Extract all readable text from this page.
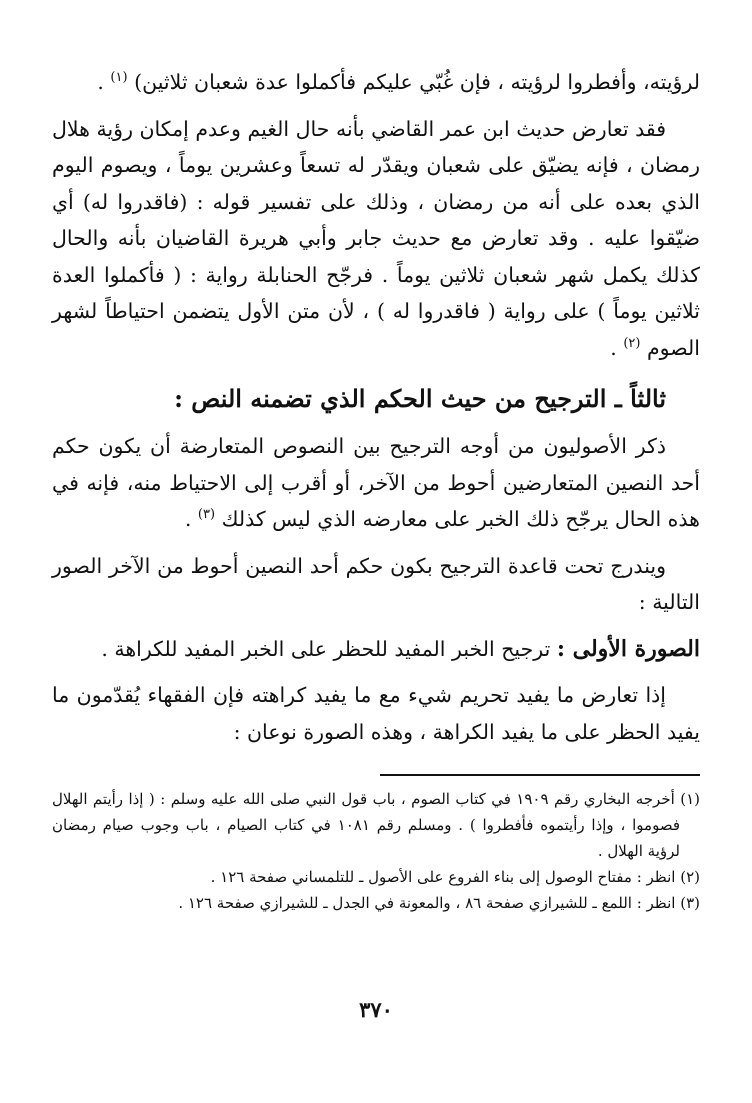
لرؤيته، وأفطروا لرؤيته ، فإن غُبّي عليكم فأكملوا عدة شعبان ثلاثين) $^{(١)}$ .

فقد تعارض حديث ابن عمر القاضي بأنه حال الغيم وعدم إمكان رؤية هلال رمضان ، فإنه يضيّق على شعبان ويقدّر له تسعاً وعشرين يوماً ، ويصوم اليوم الذي بعده على أنه من رمضان ، وذلك على تفسير قوله : (فاقدروا له) أي ضيّقوا عليه . وقد تعارض مع حديث جابر وأبي هريرة القاضيان بأنه والحال كذلك يكمل شهر شعبان ثلاثين يوماً . فرجّح الحنابلة رواية : ( فأكملوا العدة ثلاثين يوماً ) على رواية ( فاقدروا له ) ، لأن متن الأول يتضمن احتياطاً لشهر الصوم $^{(٢)}$ .

ثالثاً ـ الترجيح من حيث الحكم الذي تضمنه النص :

ذكر الأصوليون من أوجه الترجيح بين النصوص المتعارضة أن يكون حكم أحد النصين المتعارضين أحوط من الآخر، أو أقرب إلى الاحتياط منه، فإنه في هذه الحال يرجّح ذلك الخبر على معارضه الذي ليس كذلك $^{(٣)}$ .

ويندرج تحت قاعدة الترجيح بكون حكم أحد النصين أحوط من الآخر الصور التالية :

الصورة الأولى : ترجيح الخبر المفيد للحظر على الخبر المفيد للكراهة .

إذا تعارض ما يفيد تحريم شيء مع ما يفيد كراهته فإن الفقهاء يُقدّمون ما يفيد الحظر على ما يفيد الكراهة ، وهذه الصورة نوعان :

(١) أخرجه البخاري رقم ١٩٠٩ في كتاب الصوم ، باب قول النبي صلى الله عليه وسلم : ( إذا رأيتم الهلال فصوموا ، وإذا رأيتموه فأفطروا ) . ومسلم رقم ١٠٨١ في كتاب الصيام ، باب وجوب صيام رمضان لرؤية الهلال .

(٢) انظر : مفتاح الوصول إلى بناء الفروع على الأصول ـ للتلمساني صفحة ١٢٦ .

(٣) انظر : اللمع ـ للشيرازي صفحة ٨٦ ، والمعونة في الجدل ـ للشيرازي صفحة ١٢٦ .

٣٧٠
